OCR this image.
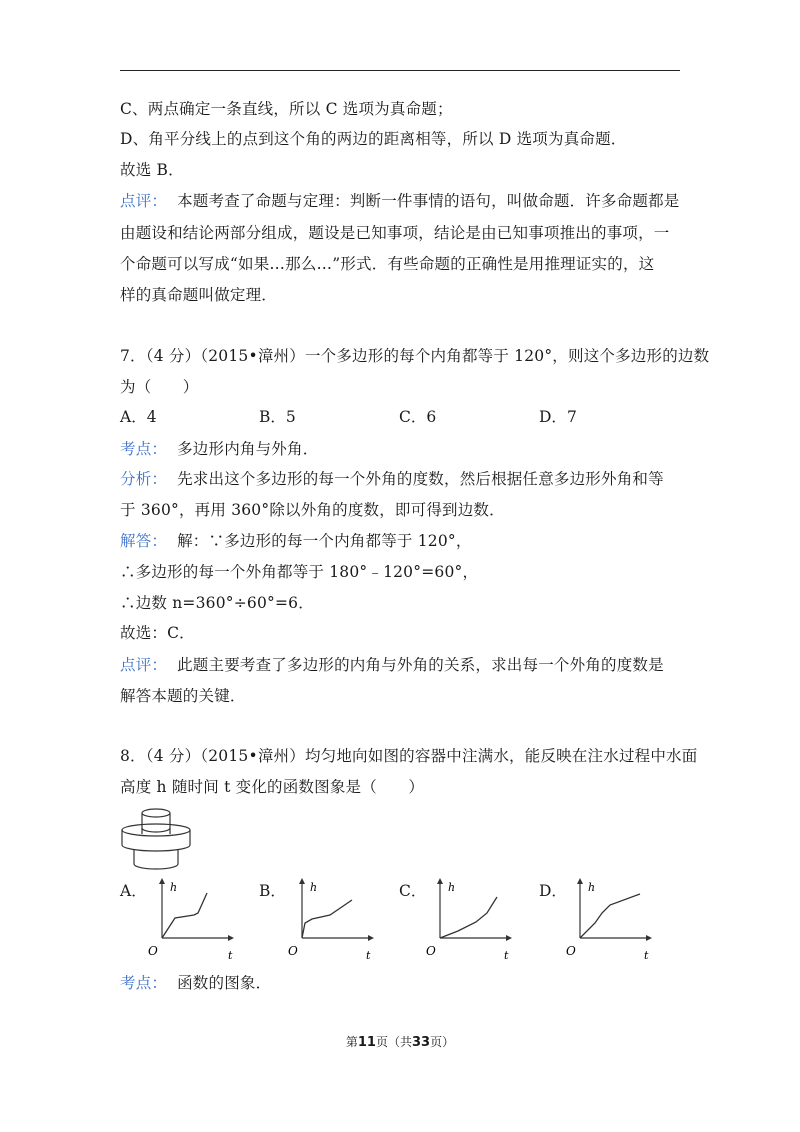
C、两点确定一条直线，所以 C 选项为真命题；
D、角平分线上的点到这个角的两边的距离相等，所以 D 选项为真命题．
故选 B．
点评： 本题考查了命题与定理：判断一件事情的语句，叫做命题．许多命题都是
由题设和结论两部分组成，题设是已知事项，结论是由已知事项推出的事项，一
个命题可以写成“如果…那么…”形式．有些命题的正确性是用推理证实的，这
样的真命题叫做定理．
7．（4 分）（2015•漳州）一个多边形的每个内角都等于 120°，则这个多边形的边数
为（　　）
A．4	B．5	C．6	D．7
考点： 多边形内角与外角．
分析： 先求出这个多边形的每一个外角的度数，然后根据任意多边形外角和等
于 360°，再用 360°除以外角的度数，即可得到边数．
解答： 解：∵多边形的每一个内角都等于 120°，
∴多边形的每一个外角都等于 180°﹣120°=60°，
∴边数 n=360°÷60°=6．
故选：C．
点评： 此题主要考查了多边形的内角与外角的关系，求出每一个外角的度数是
解答本题的关键．
8．（4 分）（2015•漳州）均匀地向如图的容器中注满水，能反映在注水过程中水面
高度 h 随时间 t 变化的函数图象是（　　）
A．	B．	C．	D．
h
t
O
h
t
O
h
t
O
h
t
O
考点： 函数的图象．
第11页（共33页）
